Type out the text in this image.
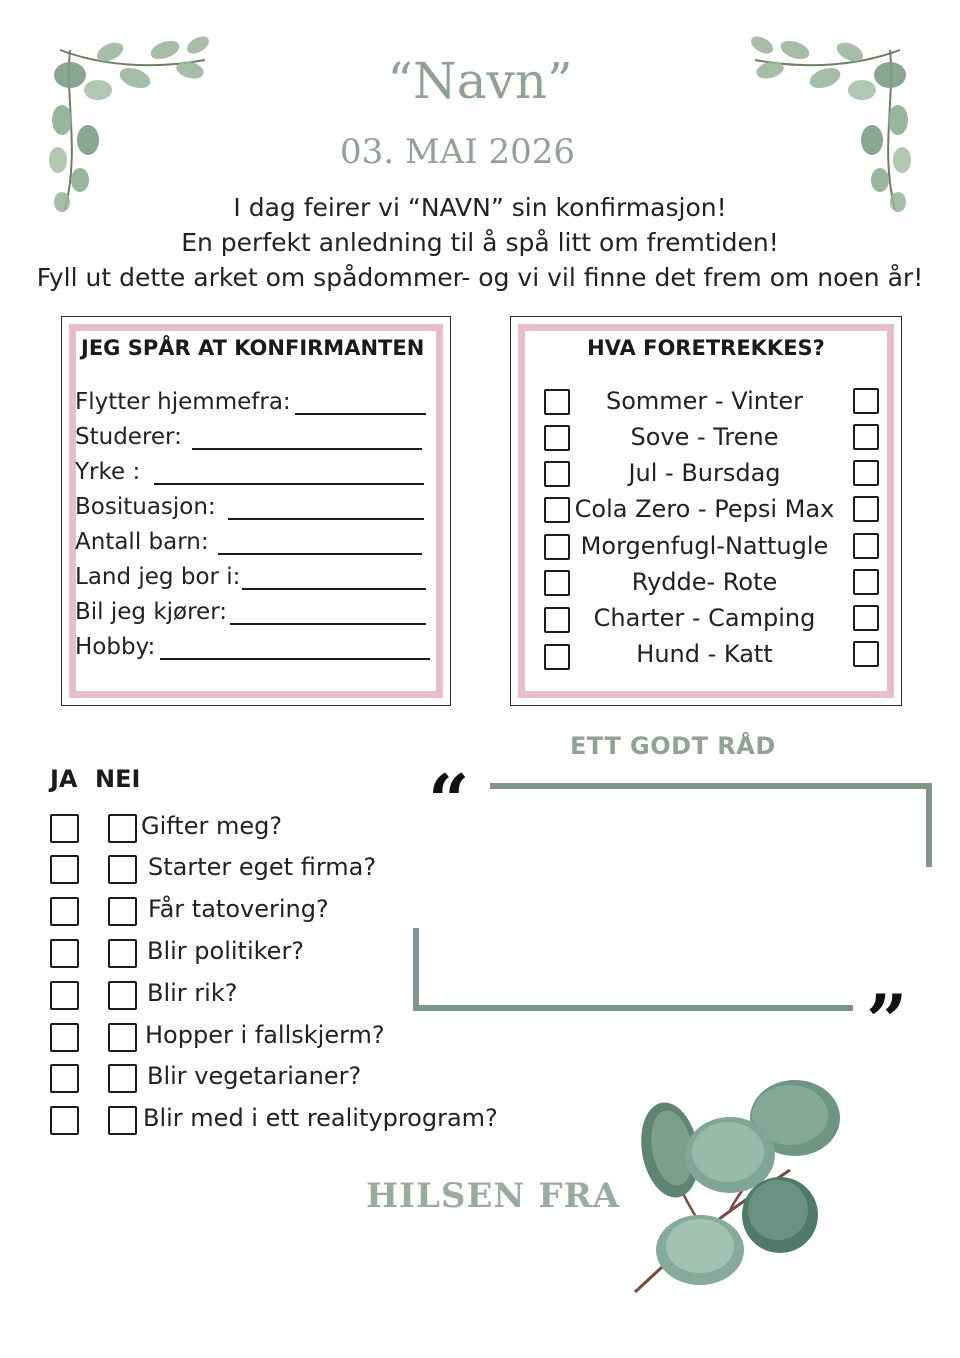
“Navn”
03. MAI 2026
I dag feirer vi “NAVN” sin konfirmasjon!
En perfekt anledning til å spå litt om fremtiden!
Fyll ut dette arket om spådommer- og vi vil finne det frem om noen år!
JEG SPÅR AT KONFIRMANTEN
Flytter hjemmefra:
Studerer:
Yrke :
Bosituasjon:
Antall barn:
Land jeg bor i:
Bil jeg kjører:
Hobby:
HVA FORETREKKES?
Sommer - Vinter
Sove - Trene
Jul - Bursdag
Cola Zero - Pepsi Max
Morgenfugl-Nattugle
Rydde- Rote
Charter - Camping
Hund - Katt
JA NEI
Gifter meg?
Starter eget firma?
Får tatovering?
Blir politiker?
Blir rik?
Hopper i fallskjerm?
Blir vegetarianer?
Blir med i ett realityprogram?
ETT GODT RÅD
“
”
HILSEN FRA
